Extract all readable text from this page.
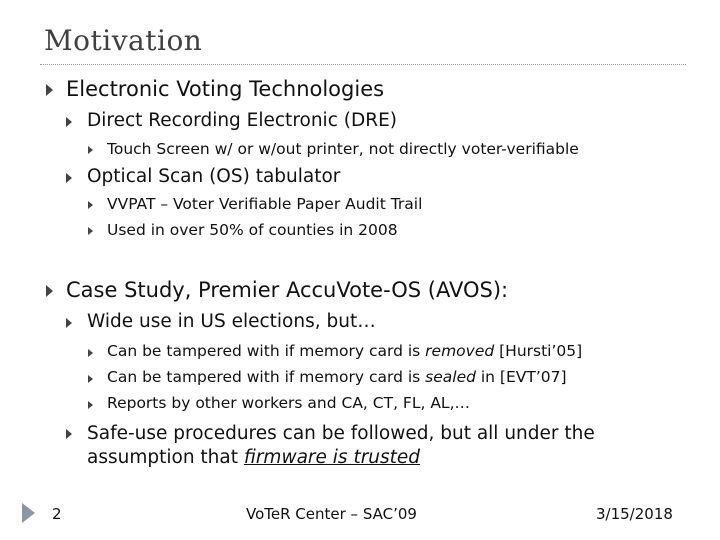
Motivation
Electronic Voting Technologies
Direct Recording Electronic (DRE)
Touch Screen w/ or w/out printer, not directly voter-verifiable
Optical Scan (OS) tabulator
VVPAT – Voter Verifiable Paper Audit Trail
Used in over 50% of counties in 2008
Case Study, Premier AccuVote-OS (AVOS):
Wide use in US elections, but…
Can be tampered with if memory card is removed [Hursti’05]
Can be tampered with if memory card is sealed in [EVT’07]
Reports by other workers and CA, CT, FL, AL,…
Safe-use procedures can be followed, but all under the
assumption that firmware is trusted
2	VoTeR Center – SAC’09	3/15/2018
